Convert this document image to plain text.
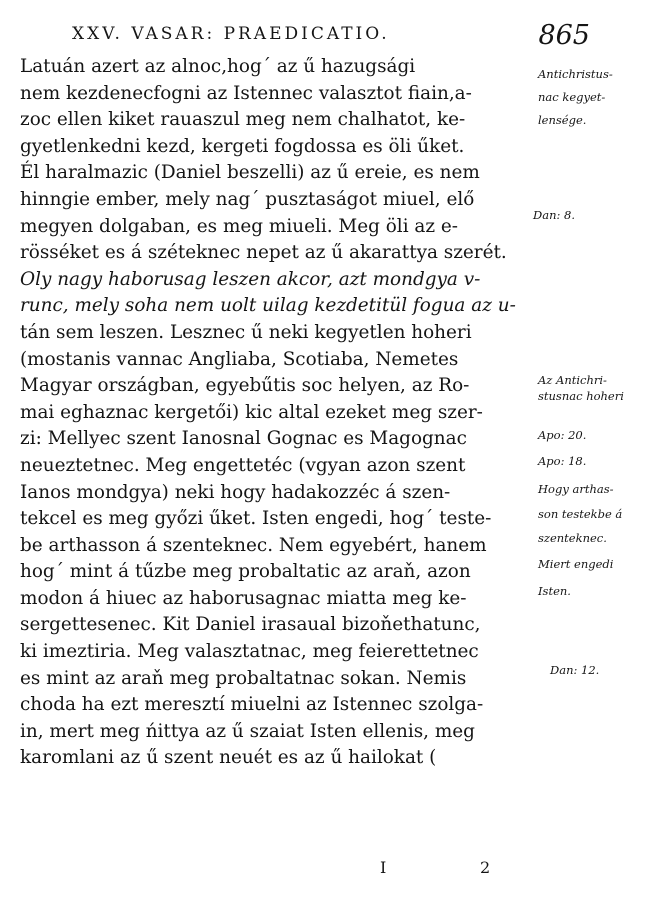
XXV. VASAR: PRAEDICATIO.	865
Latuán azert az alnoc,hogˊ az ű hazugsági
nem kezdenecfogni az Istennec valasztot fiain,a-
zoc ellen kiket rauaszul meg nem chalhatot, ke-
gyetlenkedni kezd, kergeti fogdossa es öli űket.
Él haralmazic (Daniel beszelli) az ű ereie, es nem
hinngie ember, mely nagˊ pusztaságot miuel, elő
megyen dolgaban, es meg miueli. Meg öli az e-
rösséket es á széteknec nepet az ű akarattya szerét.
Oly nagy haborusag leszen akcor, azt mondgya v-
runc, mely soha nem uolt uilag kezdetitül fogua az u-
tán sem leszen. Lesznec ű neki kegyetlen hoheri
(mostanis vannac Angliaba, Scotiaba, Nemetes
Magyar országban, egyebűtis soc helyen, az Ro-
mai eghaznac kergetői) kic altal ezeket meg szer-
zi: Mellyec szent Ianosnal Gognac es Magognac
neueztetnec. Meg engettetéc (vgyan azon szent
Ianos mondgya) neki hogy hadakozzéc á szen-
tekcel es meg győzi űket. Isten engedi, hogˊ teste-
be arthasson á szenteknec. Nem egyebért, hanem
hogˊ mint á tűzbe meg probaltatic az araň, azon
modon á hiuec az haborusagnac miatta meg ke-
sergettesenec. Kit Daniel irasaual bizoňethatunc,
ki imeztiria. Meg valasztatnac, meg feierettetnec
es mint az araň meg probaltatnac sokan. Nemis
choda ha ezt meresztí miuelni az Istennec szolga-
in, mert meg ńittya az ű szaiat Isten ellenis, meg
karomlani az ű szent neuét es az ű hailokat (
Antichristus-
nac kegyet-
lensége.
Dan: 8.
Az Antichri-
stusnac hoheri
Apo: 20.
Apo: 18.
Hogy arthas-
son testekbe á
szenteknec.
Miert engedi
Isten.
Dan: 12.
I	2
